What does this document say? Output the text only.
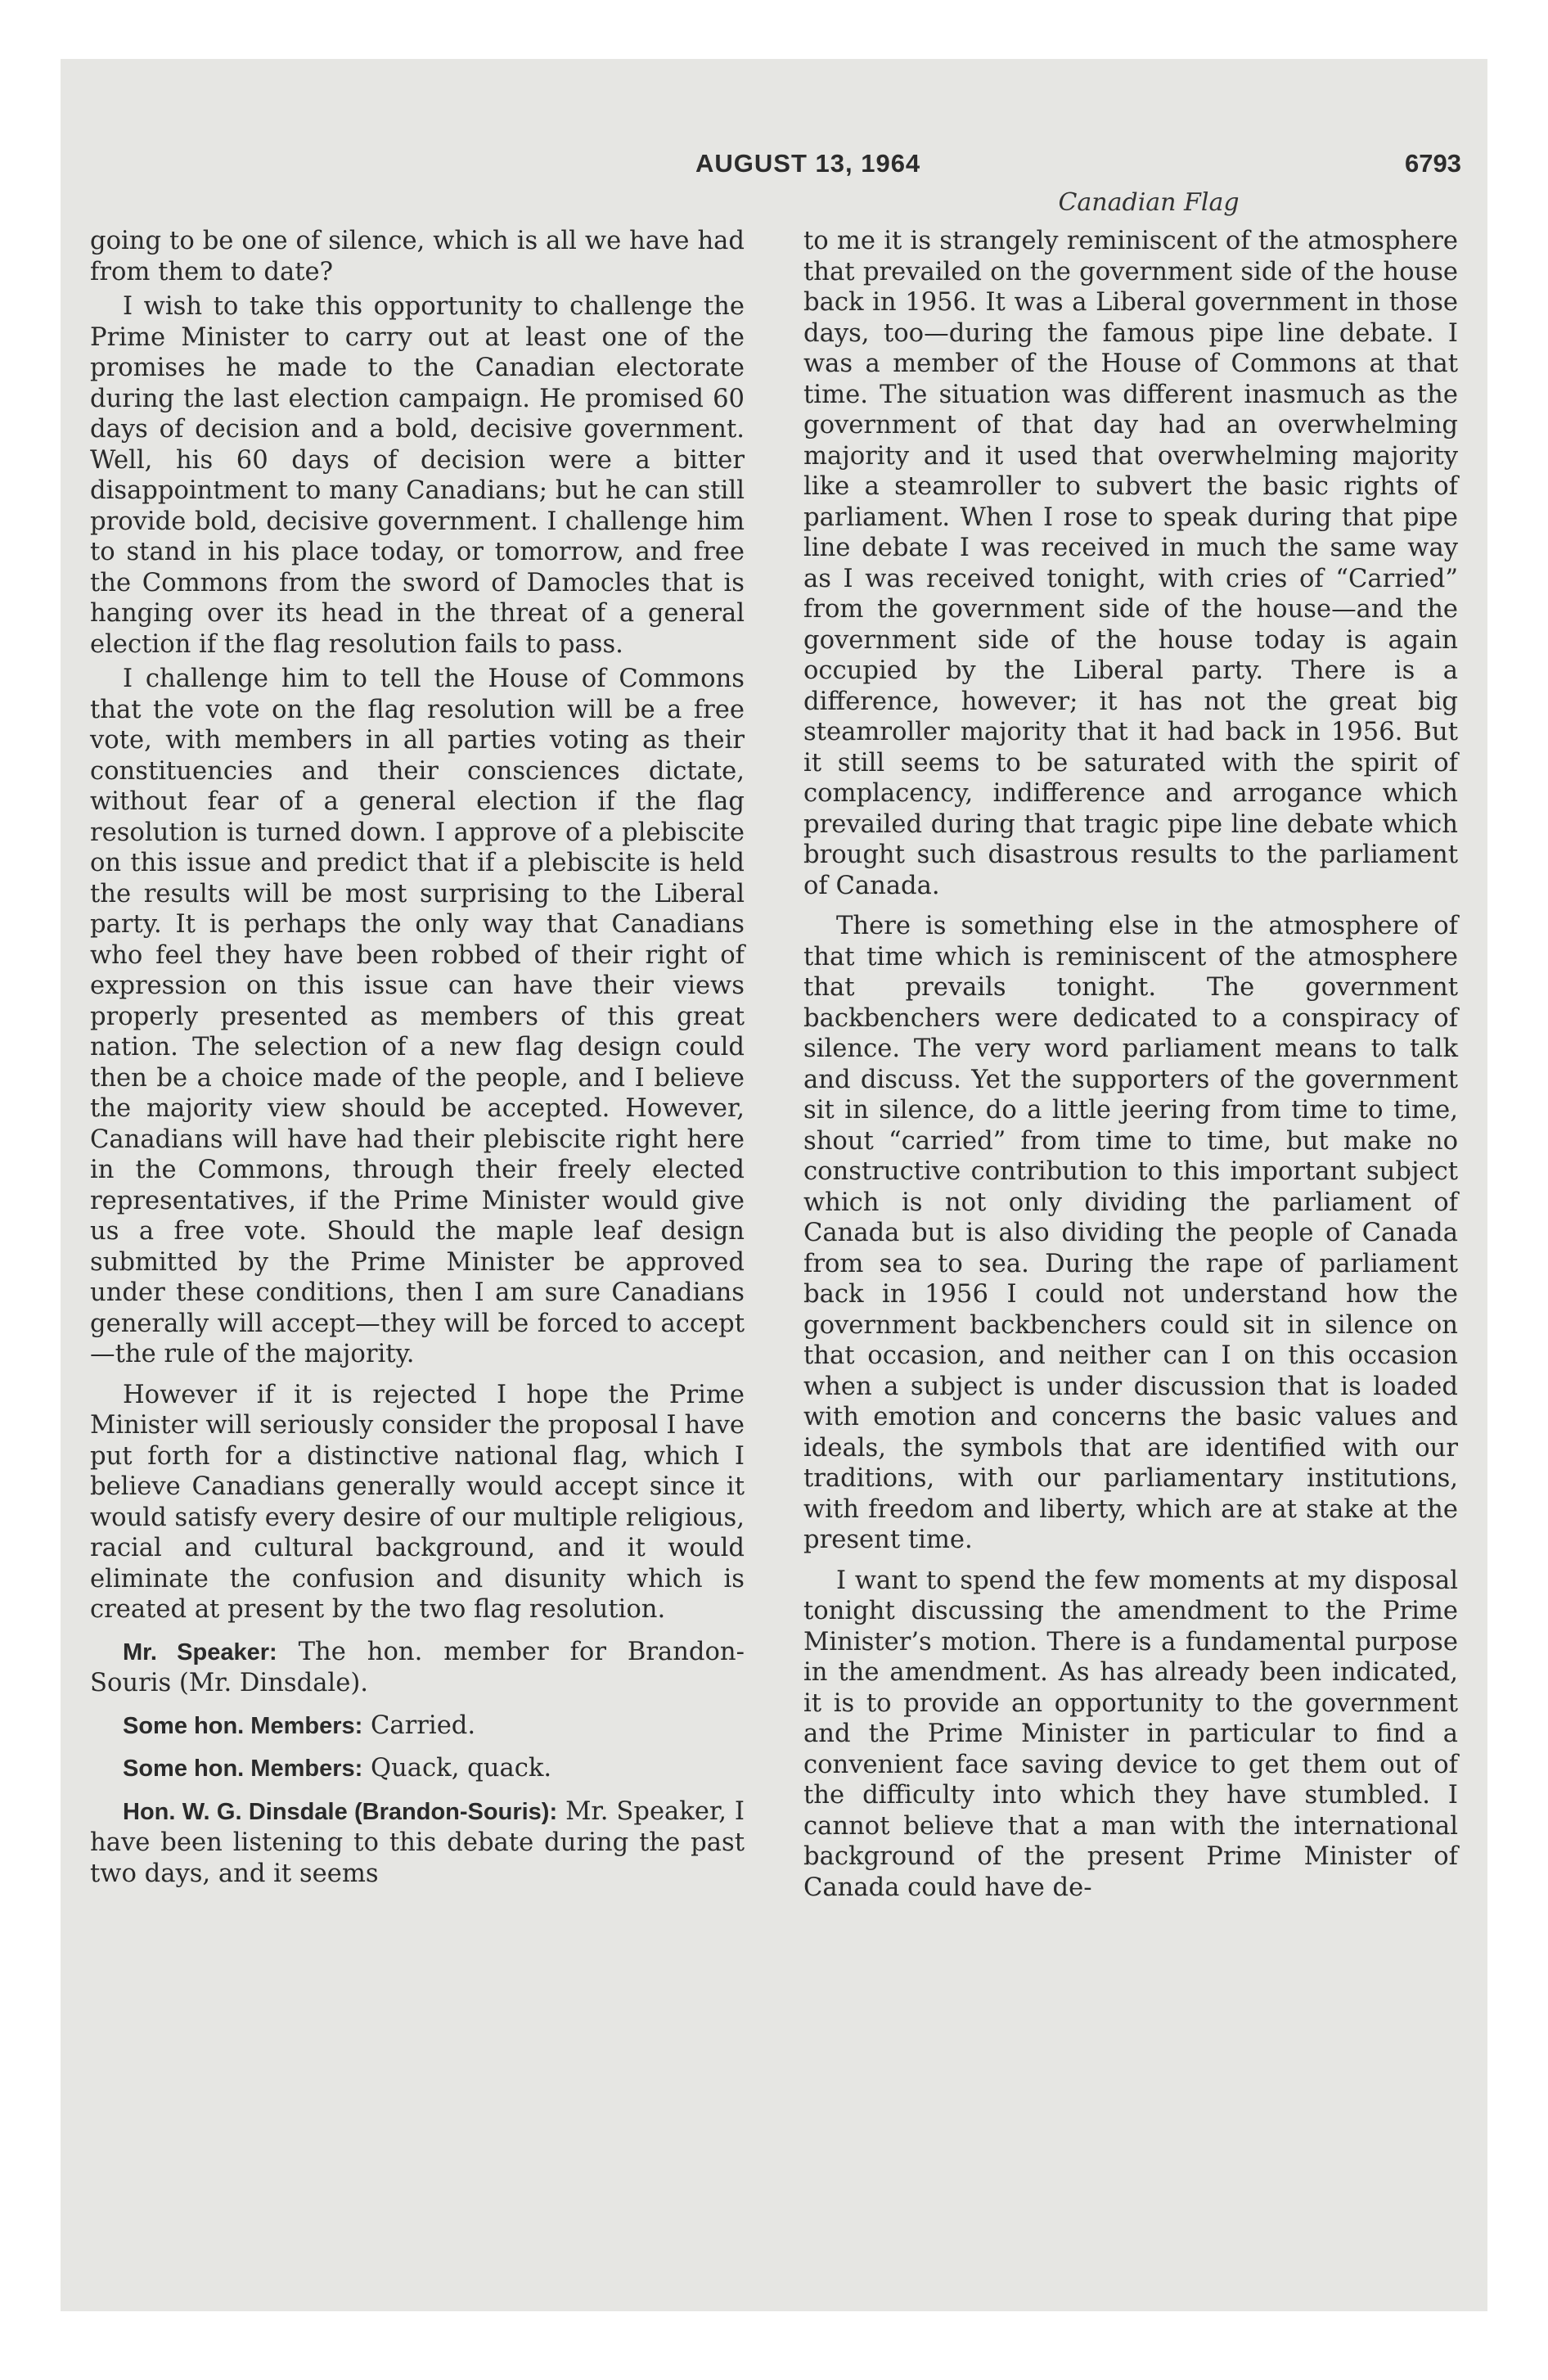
AUGUST 13, 1964	6793
Canadian Flag

going to be one of silence, which is all we have had from them to date?

I wish to take this opportunity to challenge the Prime Minister to carry out at least one of the promises he made to the Canadian electorate during the last election campaign. He promised 60 days of decision and a bold, decisive government. Well, his 60 days of decision were a bitter disappointment to many Canadians; but he can still provide bold, decisive government. I challenge him to stand in his place today, or tomorrow, and free the Commons from the sword of Damocles that is hanging over its head in the threat of a general election if the flag resolution fails to pass.

I challenge him to tell the House of Commons that the vote on the flag resolution will be a free vote, with members in all parties voting as their constituencies and their consciences dictate, without fear of a general election if the flag resolution is turned down. I approve of a plebiscite on this issue and predict that if a plebiscite is held the results will be most surprising to the Liberal party. It is perhaps the only way that Canadians who feel they have been robbed of their right of expression on this issue can have their views properly presented as members of this great nation. The selection of a new flag design could then be a choice made of the people, and I believe the majority view should be accepted. However, Canadians will have had their plebiscite right here in the Commons, through their freely elected representatives, if the Prime Minister would give us a free vote. Should the maple leaf design submitted by the Prime Minister be approved under these conditions, then I am sure Canadians generally will accept—they will be forced to accept—the rule of the majority.

However if it is rejected I hope the Prime Minister will seriously consider the proposal I have put forth for a distinctive national flag, which I believe Canadians generally would accept since it would satisfy every desire of our multiple religious, racial and cultural background, and it would eliminate the confusion and disunity which is created at present by the two flag resolution.

Mr. Speaker: The hon. member for Brandon-Souris (Mr. Dinsdale).

Some hon. Members: Carried.

Some hon. Members: Quack, quack.

Hon. W. G. Dinsdale (Brandon-Souris): Mr. Speaker, I have been listening to this debate during the past two days, and it seems

to me it is strangely reminiscent of the atmosphere that prevailed on the government side of the house back in 1956. It was a Liberal government in those days, too—during the famous pipe line debate. I was a member of the House of Commons at that time. The situation was different inasmuch as the government of that day had an overwhelming majority and it used that overwhelming majority like a steamroller to subvert the basic rights of parliament. When I rose to speak during that pipe line debate I was received in much the same way as I was received tonight, with cries of “Carried” from the government side of the house—and the government side of the house today is again occupied by the Liberal party. There is a difference, however; it has not the great big steamroller majority that it had back in 1956. But it still seems to be saturated with the spirit of complacency, indifference and arrogance which prevailed during that tragic pipe line debate which brought such disastrous results to the parliament of Canada.

There is something else in the atmosphere of that time which is reminiscent of the atmosphere that prevails tonight. The government backbenchers were dedicated to a conspiracy of silence. The very word parliament means to talk and discuss. Yet the supporters of the government sit in silence, do a little jeering from time to time, shout “carried” from time to time, but make no constructive contribution to this important subject which is not only dividing the parliament of Canada but is also dividing the people of Canada from sea to sea. During the rape of parliament back in 1956 I could not understand how the government backbenchers could sit in silence on that occasion, and neither can I on this occasion when a subject is under discussion that is loaded with emotion and concerns the basic values and ideals, the symbols that are identified with our traditions, with our parliamentary institutions, with freedom and liberty, which are at stake at the present time.

I want to spend the few moments at my disposal tonight discussing the amendment to the Prime Minister’s motion. There is a fundamental purpose in the amendment. As has already been indicated, it is to provide an opportunity to the government and the Prime Minister in particular to find a convenient face saving device to get them out of the difficulty into which they have stumbled. I cannot believe that a man with the international background of the present Prime Minister of Canada could have de-
